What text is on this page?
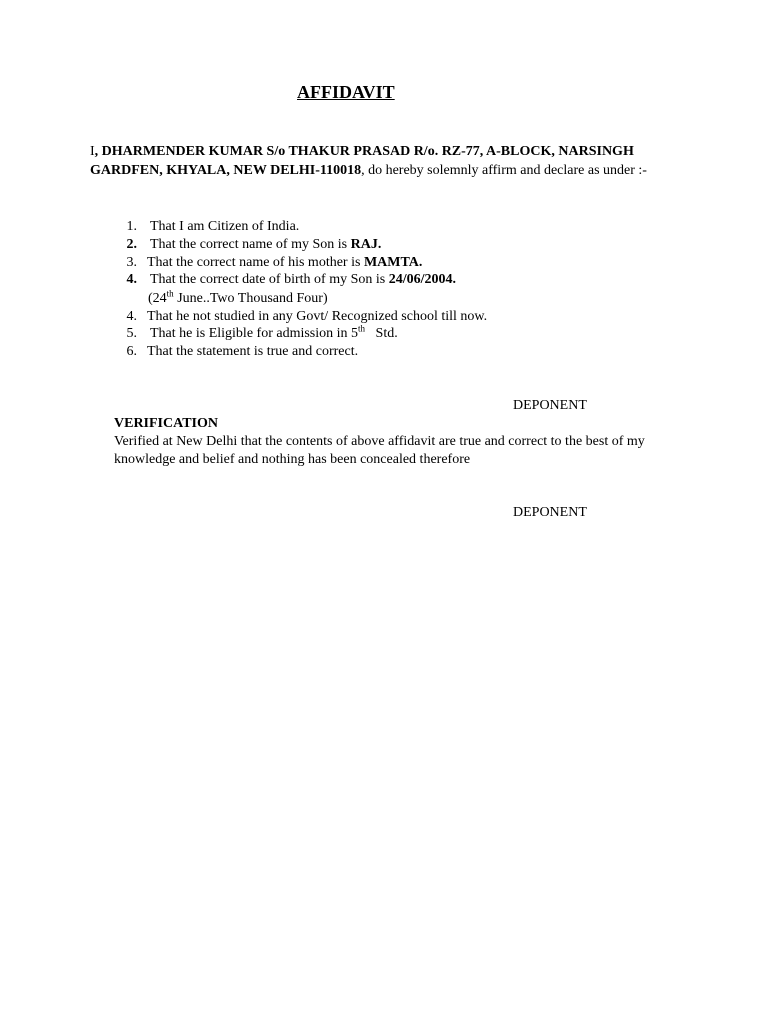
AFFIDAVIT
I, DHARMENDER KUMAR S/o THAKUR PRASAD R/o. RZ-77, A-BLOCK, NARSINGH GARDFEN, KHYALA, NEW DELHI-110018, do hereby solemnly affirm and declare as under :-
1. That I am Citizen of India.
2. That the correct name of my Son is RAJ.
3. That the correct name of his mother is MAMTA.
4. That the correct date of birth of my Son is 24/06/2004.
(24th June..Two Thousand Four)
4. That he not studied in any Govt/ Recognized school till now.
5. That he is Eligible for admission in 5th   Std.
6. That the statement is true and correct.
DEPONENT
VERIFICATION
Verified at New Delhi that the contents of above affidavit are true and correct to the best of my knowledge and belief and nothing has been concealed therefore
DEPONENT
